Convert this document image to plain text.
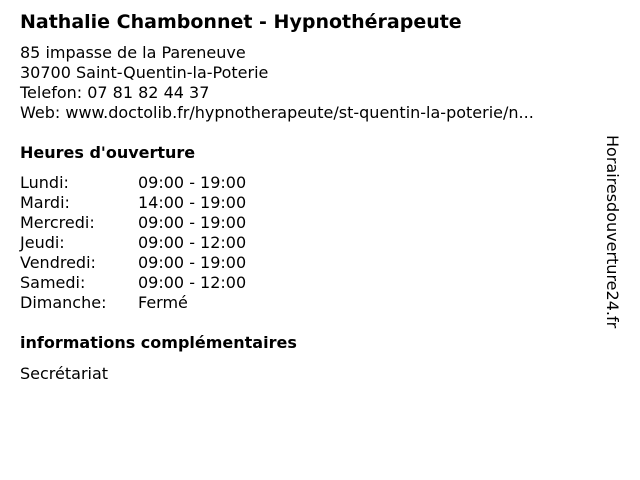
Nathalie Chambonnet - Hypnothérapeute
85 impasse de la Pareneuve
30700 Saint-Quentin-la-Poterie
Telefon: 07 81 82 44 37
Web: www.doctolib.fr/hypnotherapeute/st-quentin-la-poterie/n...
Heures d'ouverture
Lundi:	09:00 - 19:00
Mardi:	14:00 - 19:00
Mercredi:	09:00 - 19:00
Jeudi:	09:00 - 12:00
Vendredi:	09:00 - 19:00
Samedi:	09:00 - 12:00
Dimanche:	Fermé
informations complémentaires
Secrétariat
Horairesdouverture24.fr
